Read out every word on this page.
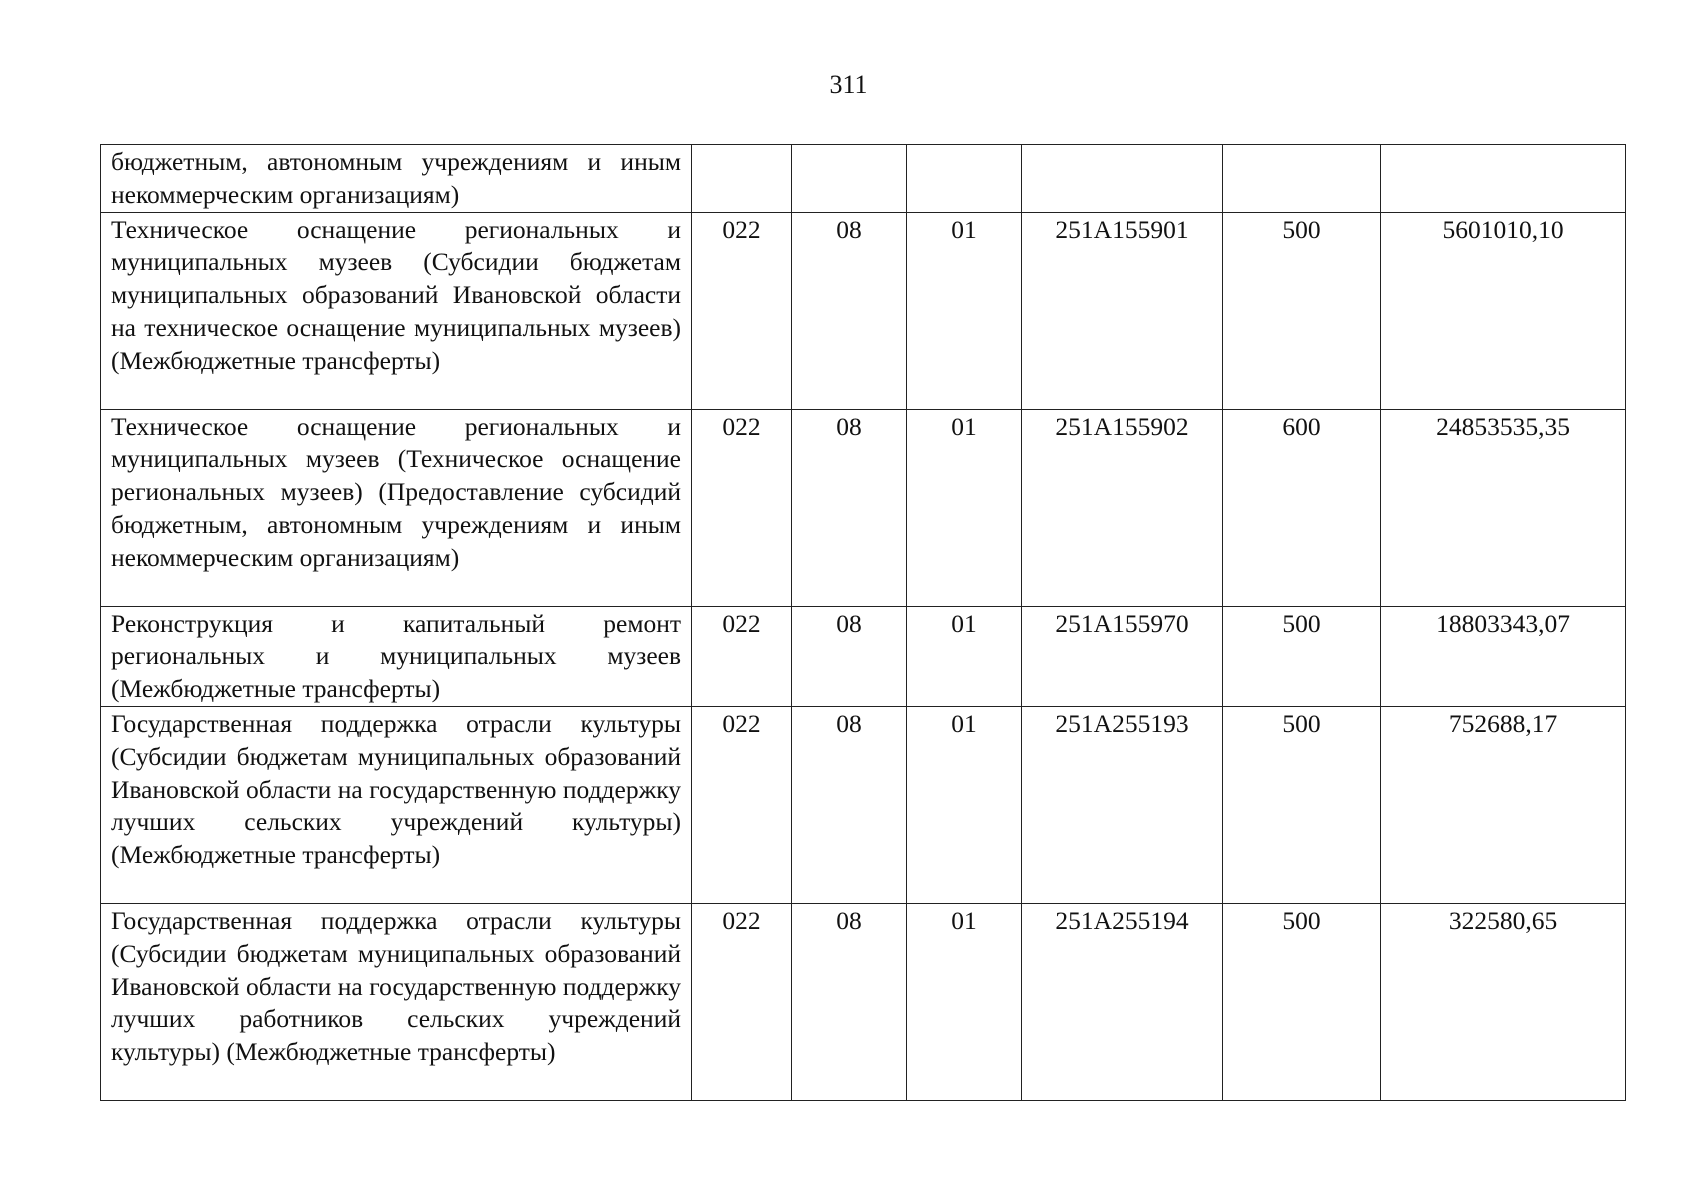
311
бюджетным, автономным учреждениям и иным некоммерческим организациям)						
Техническое оснащение региональных и муниципальных музеев (Субсидии бюджетам муниципальных образований Ивановской области на техническое оснащение муниципальных музеев) (Межбюджетные трансферты)	022	08	01	251A155901	500	5601010,10
Техническое оснащение региональных и муниципальных музеев (Техническое оснащение региональных музеев) (Предоставление субсидий бюджетным, автономным учреждениям и иным некоммерческим организациям)	022	08	01	251A155902	600	24853535,35
Реконструкция и капитальный ремонт региональных и муниципальных музеев (Межбюджетные трансферты)	022	08	01	251A155970	500	18803343,07
Государственная поддержка отрасли культуры (Субсидии бюджетам муниципальных образований Ивановской области на государственную поддержку лучших сельских учреждений культуры) (Межбюджетные трансферты)	022	08	01	251A255193	500	752688,17
Государственная поддержка отрасли культуры (Субсидии бюджетам муниципальных образований Ивановской области на государственную поддержку лучших работников сельских учреждений культуры) (Межбюджетные трансферты)	022	08	01	251A255194	500	322580,65
